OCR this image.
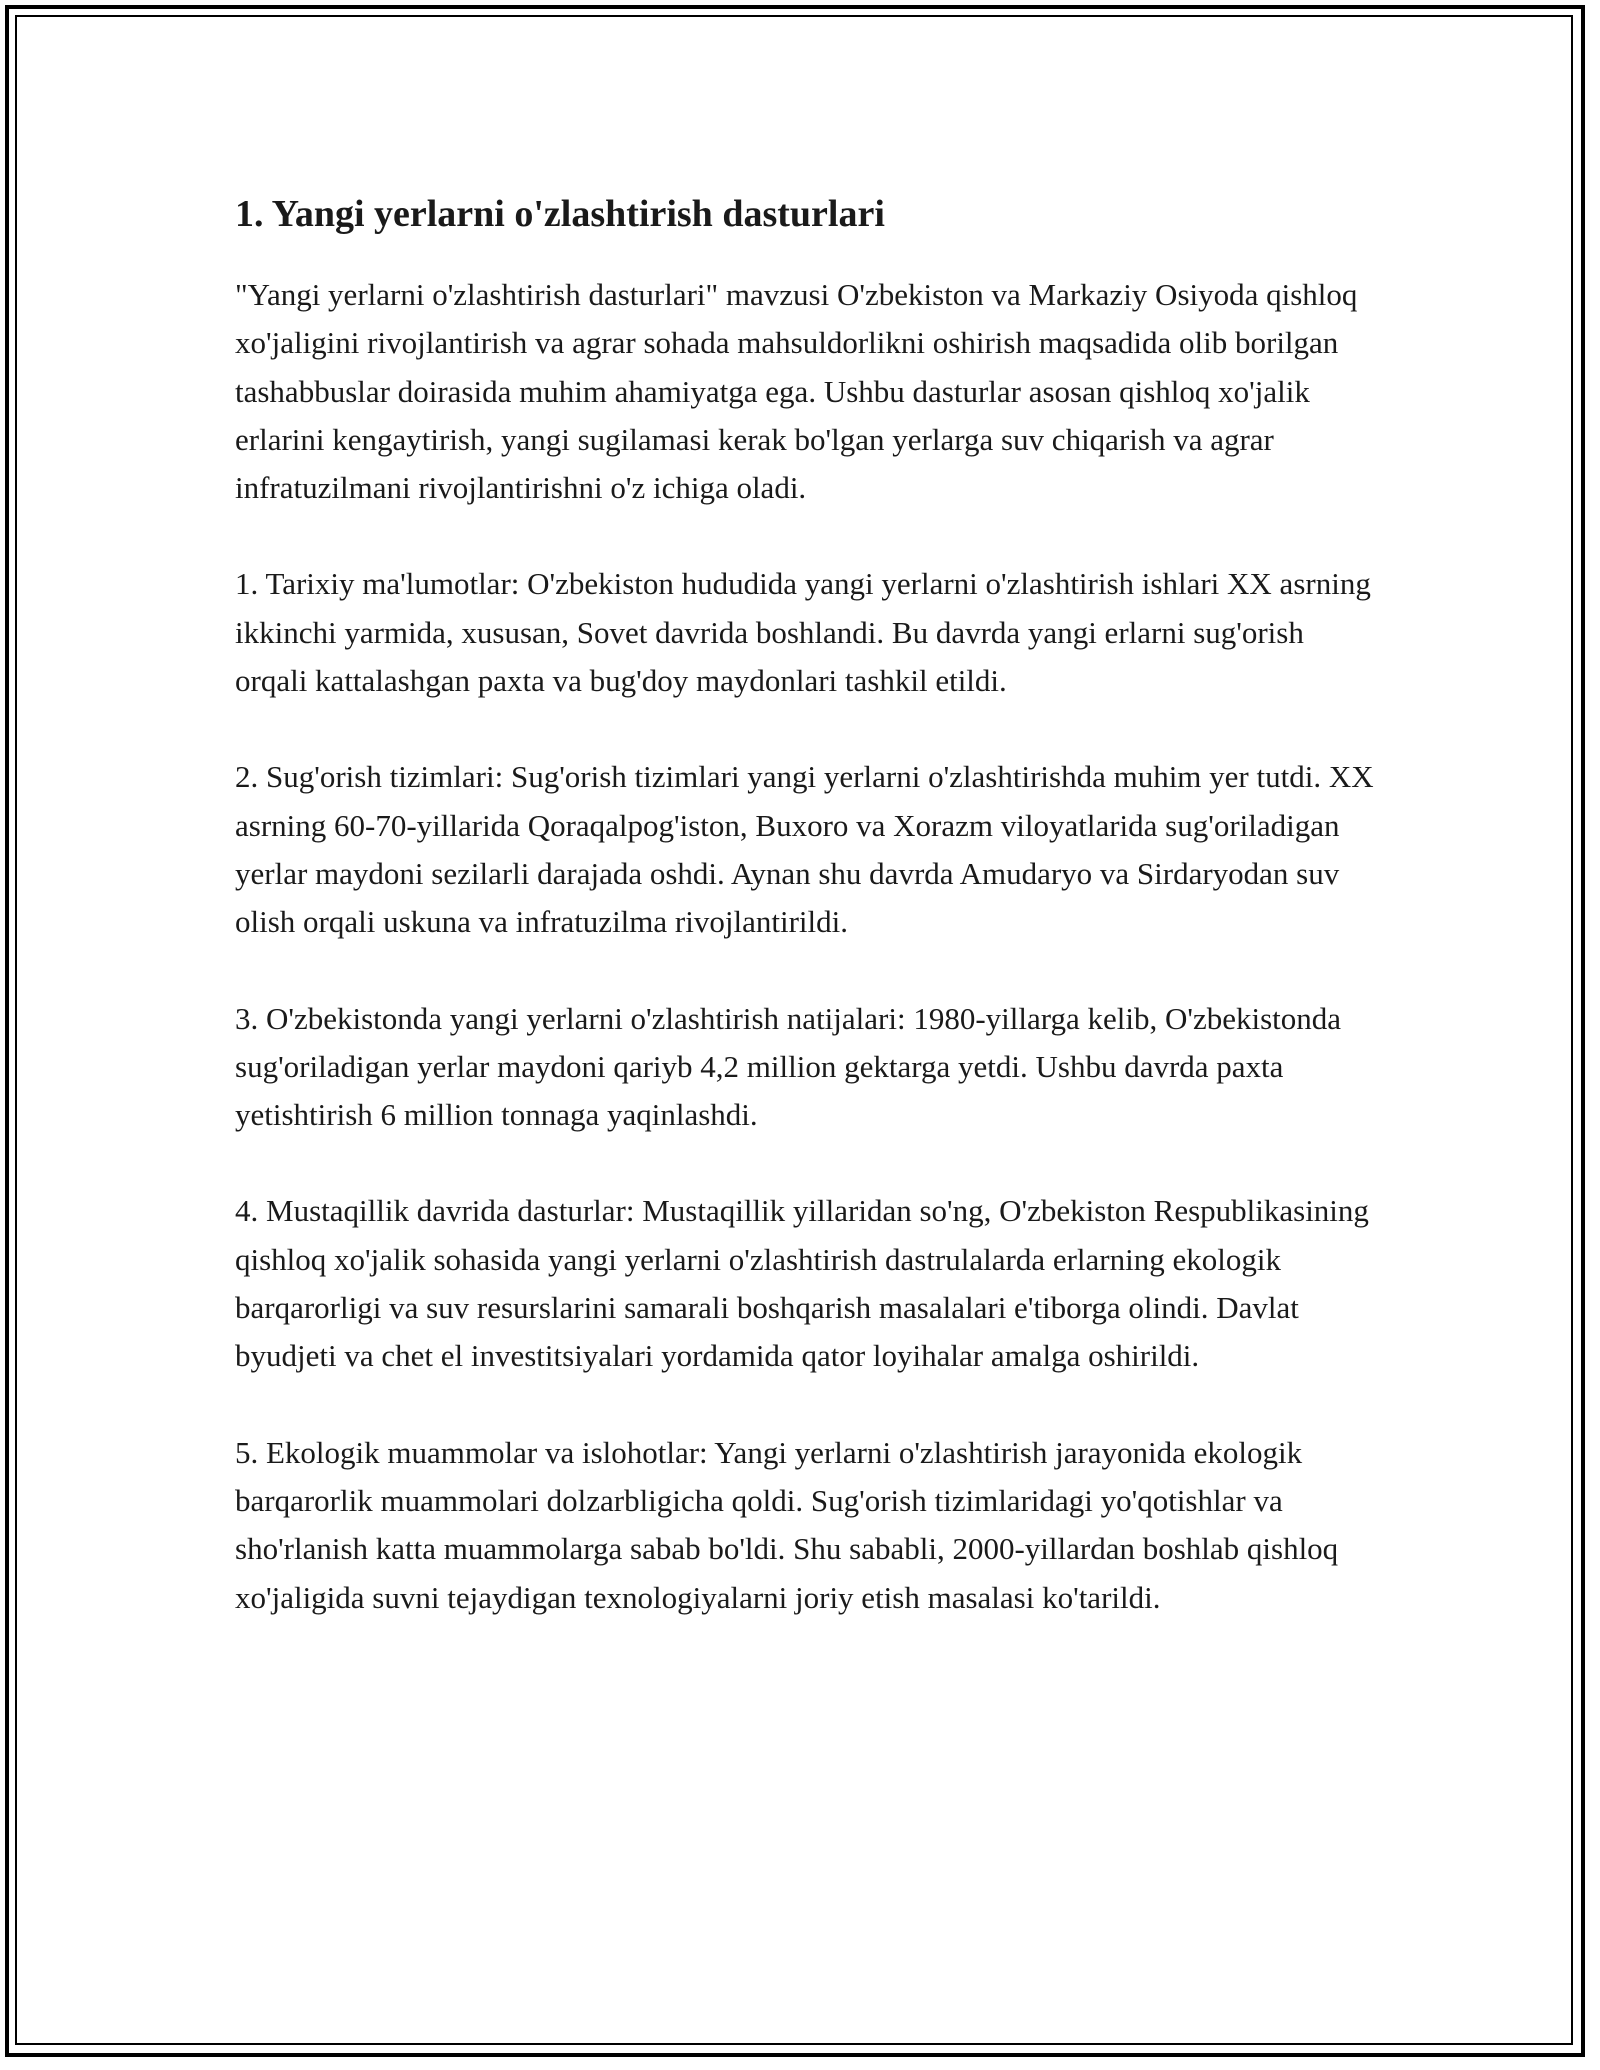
1. Yangi yerlarni o'zlashtirish dasturlari

"Yangi yerlarni o'zlashtirish dasturlari" mavzusi O'zbekiston va Markaziy Osiyoda qishloq xo'jaligini rivojlantirish va agrar sohada mahsuldorlikni oshirish maqsadida olib borilgan tashabbuslar doirasida muhim ahamiyatga ega. Ushbu dasturlar asosan qishloq xo'jalik erlarini kengaytirish, yangi sugilamasi kerak bo'lgan yerlarga suv chiqarish va agrar infratuzilmani rivojlantirishni o'z ichiga oladi.

1. Tarixiy ma'lumotlar: O'zbekiston hududida yangi yerlarni o'zlashtirish ishlari XX asrning ikkinchi yarmida, xususan, Sovet davrida boshlandi. Bu davrda yangi erlarni sug'orish orqali kattalashgan paxta va bug'doy maydonlari tashkil etildi.

2. Sug'orish tizimlari: Sug'orish tizimlari yangi yerlarni o'zlashtirishda muhim yer tutdi. XX asrning 60-70-yillarida Qoraqalpog'iston, Buxoro va Xorazm viloyatlarida sug'oriladigan yerlar maydoni sezilarli darajada oshdi. Aynan shu davrda Amudaryo va Sirdaryodan suv olish orqali uskuna va infratuzilma rivojlantirildi.

3. O'zbekistonda yangi yerlarni o'zlashtirish natijalari: 1980-yillarga kelib, O'zbekistonda sug'oriladigan yerlar maydoni qariyb 4,2 million gektarga yetdi. Ushbu davrda paxta yetishtirish 6 million tonnaga yaqinlashdi.

4. Mustaqillik davrida dasturlar: Mustaqillik yillaridan so'ng, O'zbekiston Respublikasining qishloq xo'jalik sohasida yangi yerlarni o'zlashtirish dastrulalarda erlarning ekologik barqarorligi va suv resurslarini samarali boshqarish masalalari e'tiborga olindi. Davlat byudjeti va chet el investitsiyalari yordamida qator loyihalar amalga oshirildi.

5. Ekologik muammolar va islohotlar: Yangi yerlarni o'zlashtirish jarayonida ekologik barqarorlik muammolari dolzarbligicha qoldi. Sug'orish tizimlaridagi yo'qotishlar va sho'rlanish katta muammolarga sabab bo'ldi. Shu sababli, 2000-yillardan boshlab qishloq xo'jaligida suvni tejaydigan texnologiyalarni joriy etish masalasi ko'tarildi.
